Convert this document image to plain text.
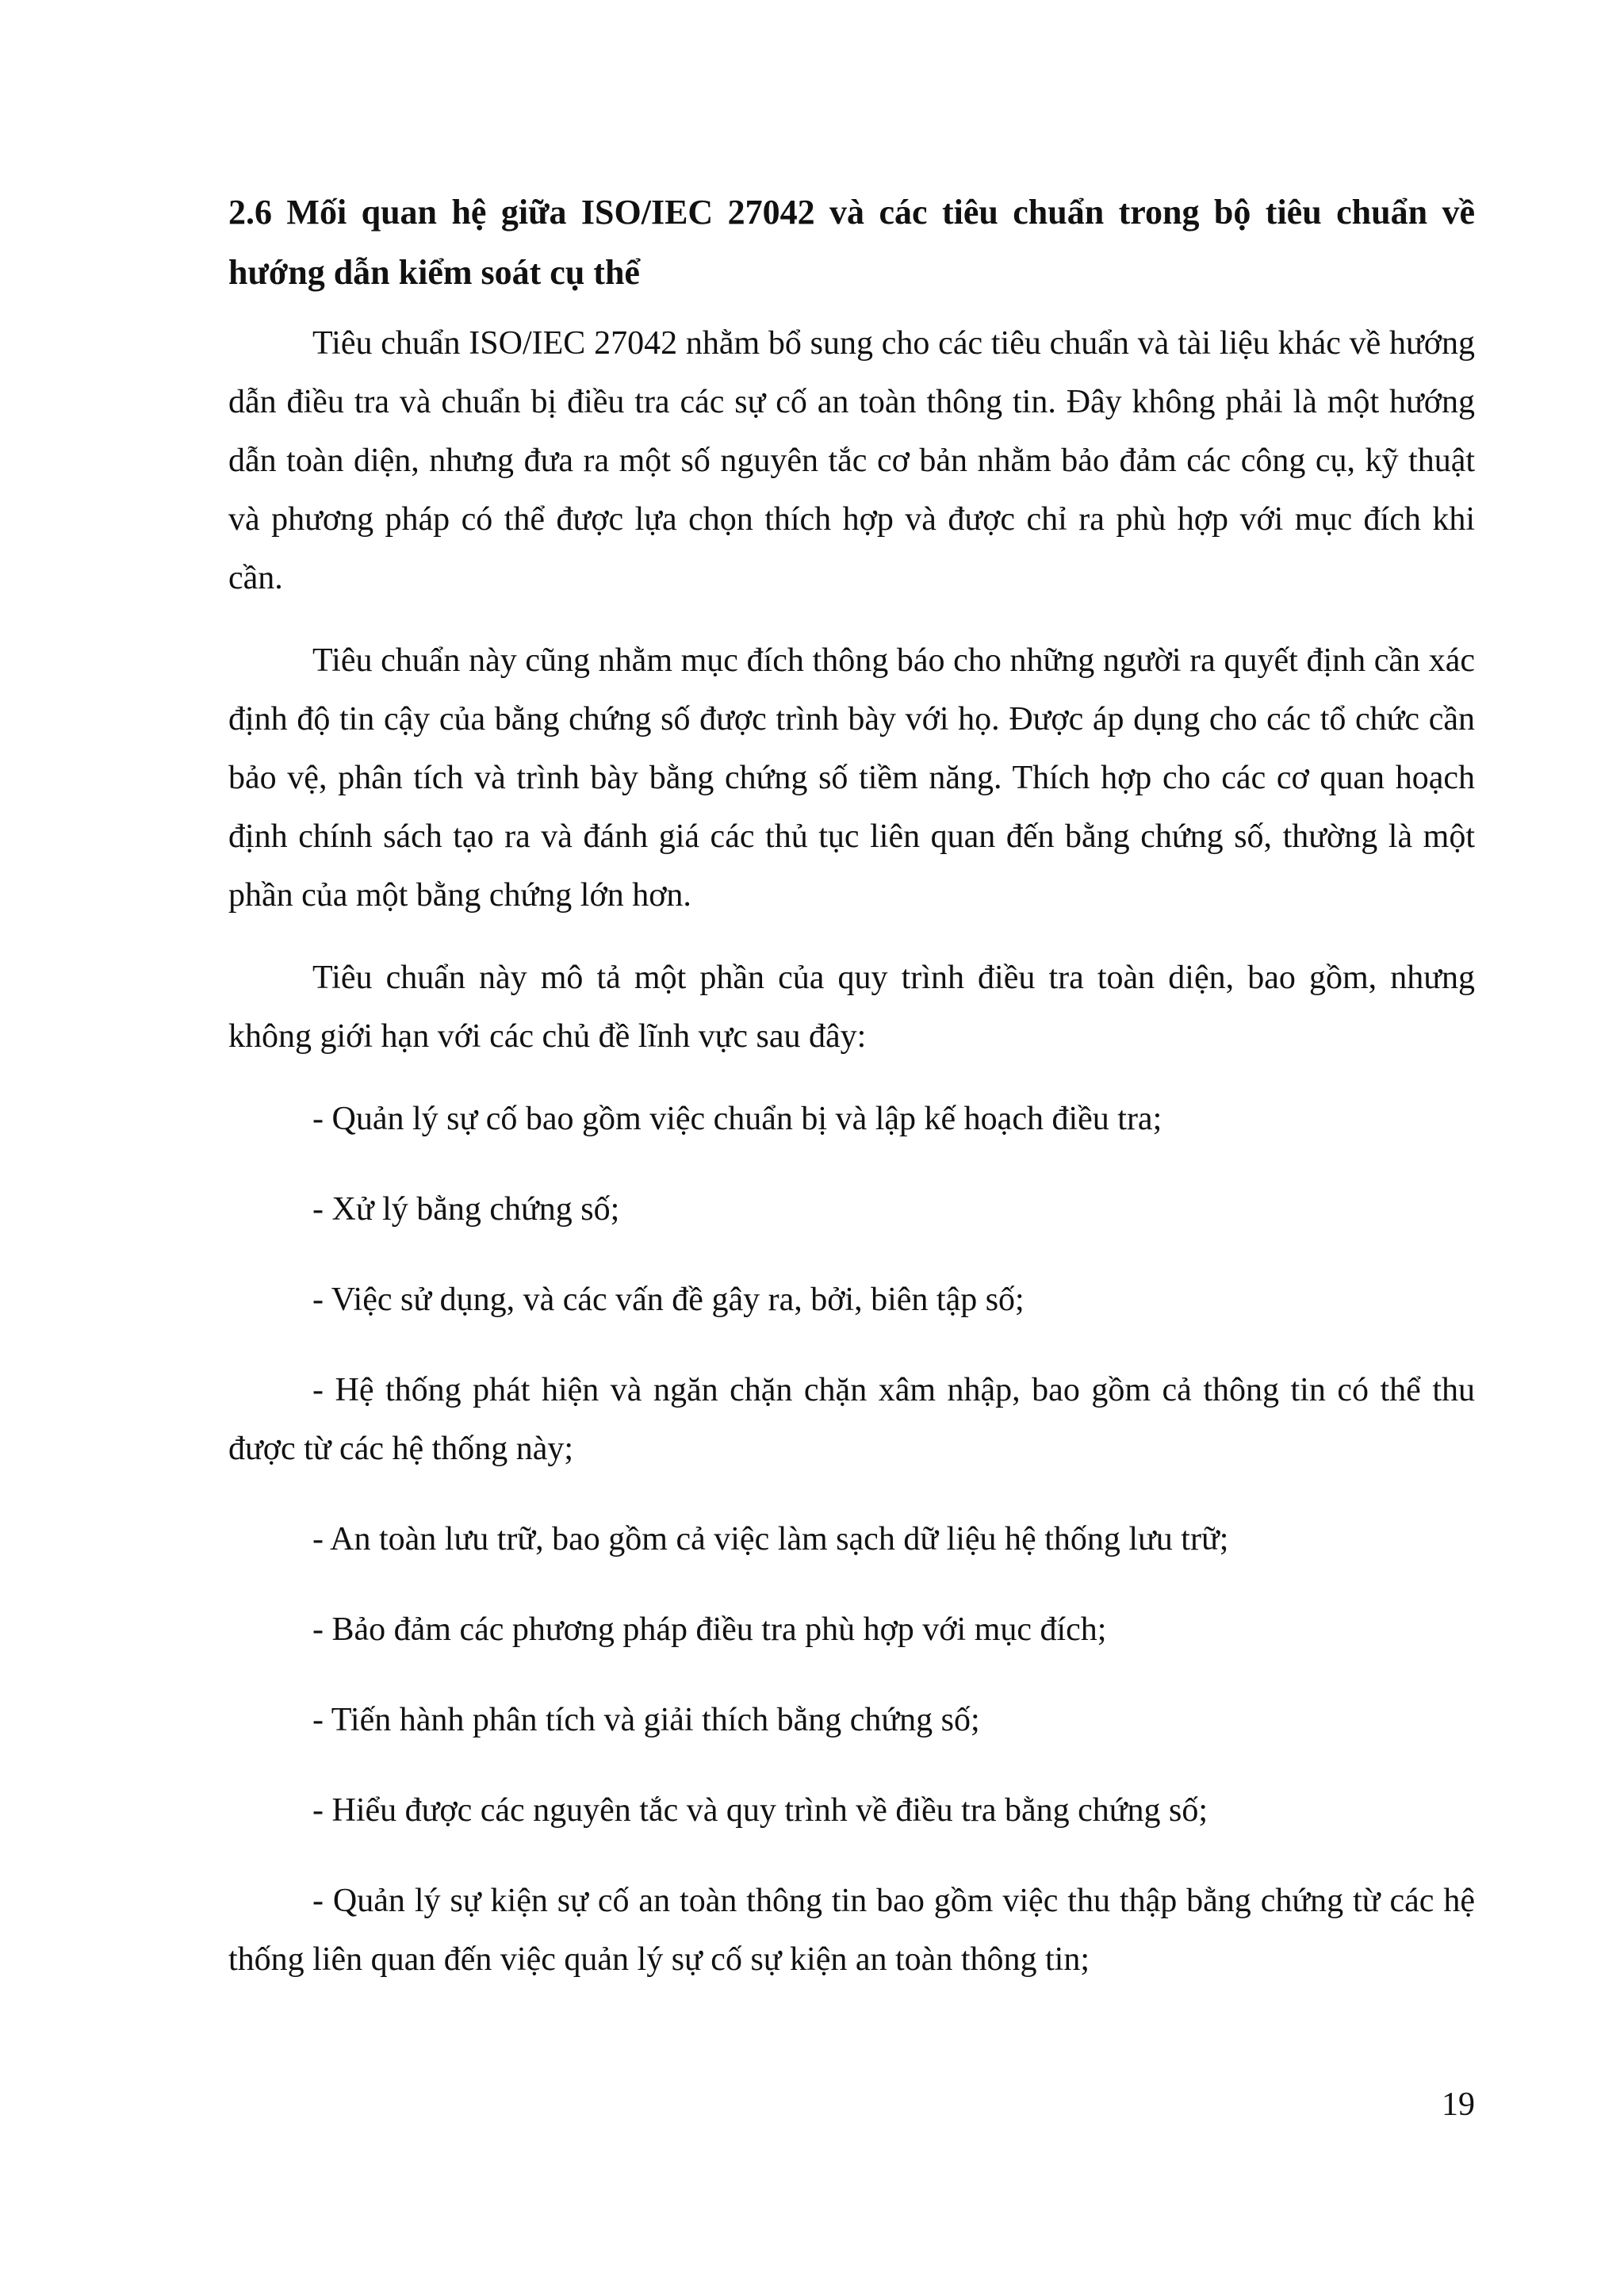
2.6 Mối quan hệ giữa ISO/IEC 27042 và các tiêu chuẩn trong bộ tiêu chuẩn về hướng dẫn kiểm soát cụ thể

Tiêu chuẩn ISO/IEC 27042 nhằm bổ sung cho các tiêu chuẩn và tài liệu khác về hướng dẫn điều tra và chuẩn bị điều tra các sự cố an toàn thông tin. Đây không phải là một hướng dẫn toàn diện, nhưng đưa ra một số nguyên tắc cơ bản nhằm bảo đảm các công cụ, kỹ thuật và phương pháp có thể được lựa chọn thích hợp và được chỉ ra phù hợp với mục đích khi cần.

Tiêu chuẩn này cũng nhằm mục đích thông báo cho những người ra quyết định cần xác định độ tin cậy của bằng chứng số được trình bày với họ. Được áp dụng cho các tổ chức cần bảo vệ, phân tích và trình bày bằng chứng số tiềm năng. Thích hợp cho các cơ quan hoạch định chính sách tạo ra và đánh giá các thủ tục liên quan đến bằng chứng số, thường là một phần của một bằng chứng lớn hơn.

Tiêu chuẩn này mô tả một phần của quy trình điều tra toàn diện, bao gồm, nhưng không giới hạn với các chủ đề lĩnh vực sau đây:

- Quản lý sự cố bao gồm việc chuẩn bị và lập kế hoạch điều tra;

- Xử lý bằng chứng số;

- Việc sử dụng, và các vấn đề gây ra, bởi, biên tập số;

- Hệ thống phát hiện và ngăn chặn chặn xâm nhập, bao gồm cả thông tin có thể thu được từ các hệ thống này;

- An toàn lưu trữ, bao gồm cả việc làm sạch dữ liệu hệ thống lưu trữ;

- Bảo đảm các phương pháp điều tra phù hợp với mục đích;

- Tiến hành phân tích và giải thích bằng chứng số;

- Hiểu được các nguyên tắc và quy trình về điều tra bằng chứng số;

- Quản lý sự kiện sự cố an toàn thông tin bao gồm việc thu thập bằng chứng từ các hệ thống liên quan đến việc quản lý sự cố sự kiện an toàn thông tin;

19
